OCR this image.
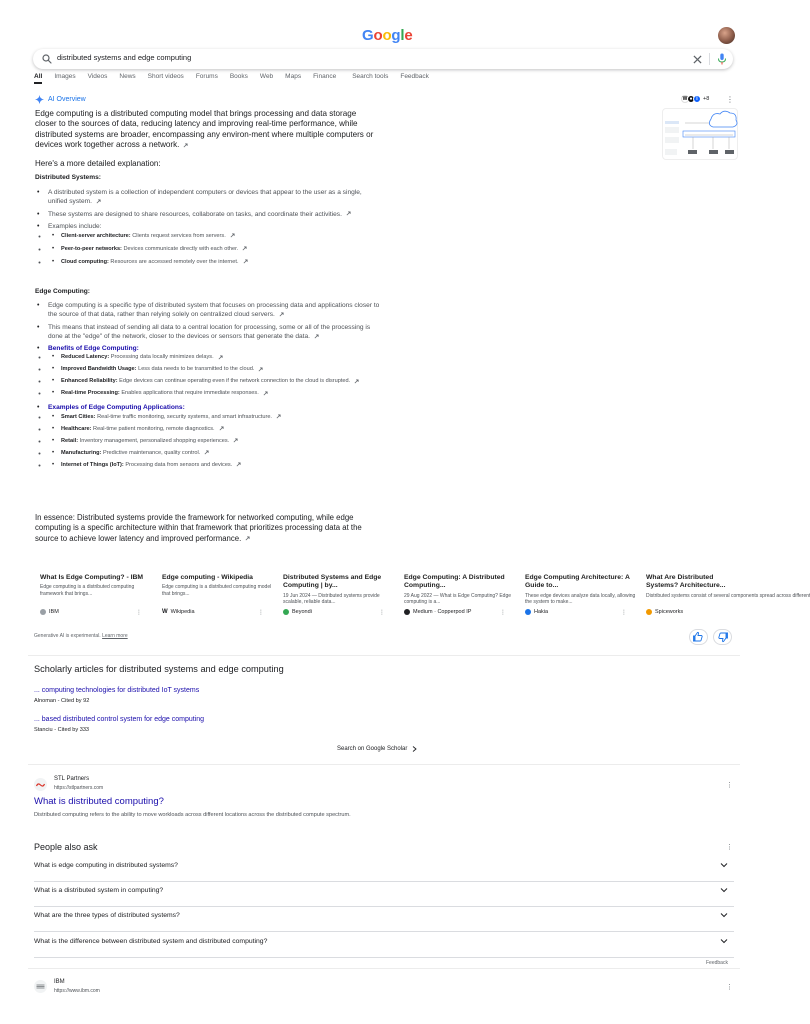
Google
distributed systems and edge computing
All Images Videos News Short videos Forums Books Web Maps Finance Search tools Feedback
AI Overview	W ● i +8 ⋮
Edge computing is a distributed computing model that brings processing and data storage closer to the sources of data, reducing latency and improving real-time performance, while distributed systems are broader, encompassing any environ-ment where multiple computers or devices work together across a network.
Here's a more detailed explanation:
Distributed Systems:
• A distributed system is a collection of independent computers or devices that appear to the user as a single, unified system.
• These systems are designed to share resources, collaborate on tasks, and coordinate their activities.
• Examples include:
• ◦ Client-server architecture: Clients request services from servers.
• ◦ Peer-to-peer networks: Devices communicate directly with each other.
• ◦ Cloud computing: Resources are accessed remotely over the internet.
Edge Computing:
• Edge computing is a specific type of distributed system that focuses on processing data and applications closer to the source of that data, rather than relying solely on centralized cloud servers.
• This means that instead of sending all data to a central location for processing, some or all of the processing is done at the "edge" of the network, closer to the devices or sensors that generate the data.
• Benefits of Edge Computing:
• ◦ Reduced Latency: Processing data locally minimizes delays.
• ◦ Improved Bandwidth Usage: Less data needs to be transmitted to the cloud.
• ◦ Enhanced Reliability: Edge devices can continue operating even if the network connection to the cloud is disrupted.
• ◦ Real-time Processing: Enables applications that require immediate responses.
• Examples of Edge Computing Applications:
• ◦ Smart Cities: Real-time traffic monitoring, security systems, and smart infrastructure.
• ◦ Healthcare: Real-time patient monitoring, remote diagnostics.
• ◦ Retail: Inventory management, personalized shopping experiences.
• ◦ Manufacturing: Predictive maintenance, quality control.
• ◦ Internet of Things (IoT): Processing data from sensors and devices.
In essence: Distributed systems provide the framework for networked computing, while edge computing is a specific architecture within that framework that prioritizes processing data at the source to achieve lower latency and improved performance.
What Is Edge Computing? - IBM
Edge computing is a distributed computing framework that brings...
IBM	⋮
Edge computing - Wikipedia
Edge computing is a distributed computing model that brings...
W Wikipedia	⋮
Distributed Systems and Edge Computing | by...
19 Jun 2024 — Distributed systems provide scalable, reliable data...
Beyondi	⋮
Edge Computing: A Distributed Computing...
29 Aug 2022 — What is Edge Computing? Edge computing is a...
Medium · Copperpod IP	⋮
Edge Computing Architecture: A Guide to...
These edge devices analyze data locally, allowing the system to make...
Hakia	⋮
What Are Distributed Systems? Architecture...
Distributed systems consist of several components spread across different
Spiceworks
Generative AI is experimental. Learn more
Scholarly articles for distributed systems and edge computing
... computing technologies for distributed IoT systems
Alnoman - Cited by 92
... based distributed control system for edge computing
Stanciu - Cited by 333
Search on Google Scholar
STL Partners
https://stlpartners.com	⋮
What is distributed computing?
Distributed computing refers to the ability to move workloads across different locations across the distributed compute spectrum.
People also ask	⋮
What is edge computing in distributed systems?
What is a distributed system in computing?
What are the three types of distributed systems?
What is the difference between distributed system and distributed computing?
Feedback
IBM
https://www.ibm.com	⋮
